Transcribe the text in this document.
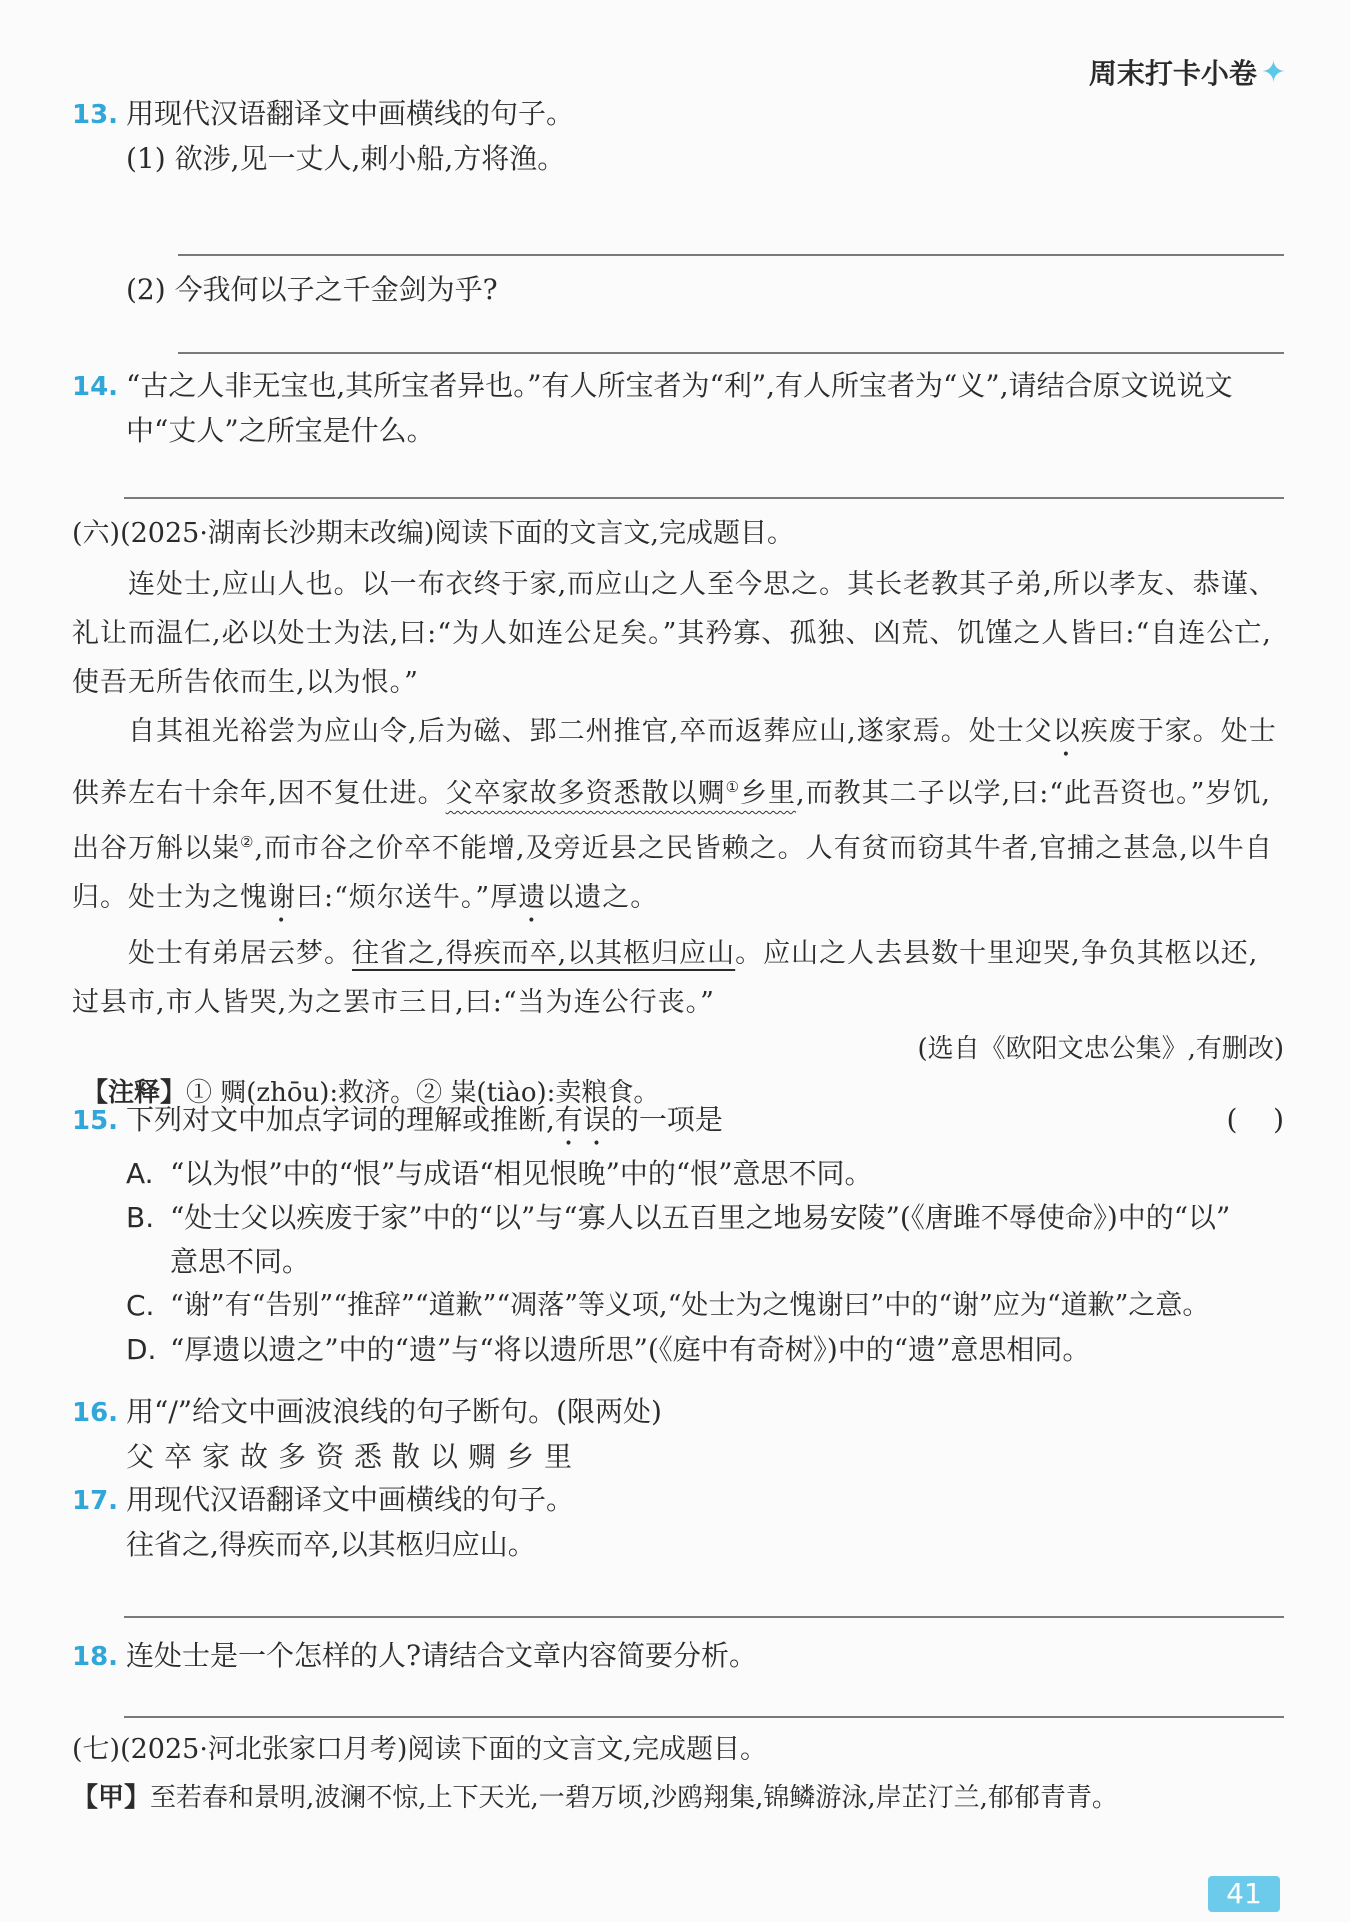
周末打卡小卷 ✦
13. 用现代汉语翻译文中画横线的句子。
(1) 欲涉,见一丈人,刺小船,方将渔。
(2) 今我何以子之千金剑为乎?
14. “古之人非无宝也,其所宝者异也。”有人所宝者为“利”,有人所宝者为“义”,请结合原文说说文
中“丈人”之所宝是什么。
(六)(2025·湖南长沙期末改编)阅读下面的文言文,完成题目。
连处士,应山人也。以一布衣终于家,而应山之人至今思之。其长老教其子弟,所以孝友、恭谨、礼让而温仁,必以处士为法,曰:“为人如连公足矣。”其矜寡、孤独、凶荒、饥馑之人皆曰:“自连公亡,使吾无所告依而生,以为恨。”
自其祖光裕尝为应山令,后为磁、郢二州推官,卒而返葬应山,遂家焉。处士父以疾废于家。处士供养左右十余年,因不复仕进。父卒家故多资悉散以赒①乡里,而教其二子以学,曰:“此吾资也。”岁饥,出谷万斛以粜②,而市谷之价卒不能增,及旁近县之民皆赖之。人有贫而窃其牛者,官捕之甚急,以牛自归。处士为之愧谢曰:“烦尔送牛。”厚遗以遗之。
处士有弟居云梦。往省之,得疾而卒,以其柩归应山。应山之人去县数十里迎哭,争负其柩以还,过县市,市人皆哭,为之罢市三日,曰:“当为连公行丧。”
(选自《欧阳文忠公集》,有删改)
【注释】① 赒(zhōu):救济。② 粜(tiào):卖粮食。
15. 下列对文中加点字词的理解或推断,有误的一项是	(    )
A. “以为恨”中的“恨”与成语“相见恨晚”中的“恨”意思不同。
B. “处士父以疾废于家”中的“以”与“寡人以五百里之地易安陵”(《唐雎不辱使命》)中的“以”
意思不同。
C. “谢”有“告别”“推辞”“道歉”“凋落”等义项,“处士为之愧谢曰”中的“谢”应为“道歉”之意。
D. “厚遗以遗之”中的“遗”与“将以遗所思”(《庭中有奇树》)中的“遗”意思相同。
16. 用“/”给文中画波浪线的句子断句。(限两处)
父卒家故多资悉散以赒乡里
17. 用现代汉语翻译文中画横线的句子。
往省之,得疾而卒,以其柩归应山。
18. 连处士是一个怎样的人?请结合文章内容简要分析。
(七)(2025·河北张家口月考)阅读下面的文言文,完成题目。
【甲】至若春和景明,波澜不惊,上下天光,一碧万顷,沙鸥翔集,锦鳞游泳,岸芷汀兰,郁郁青青。
41
